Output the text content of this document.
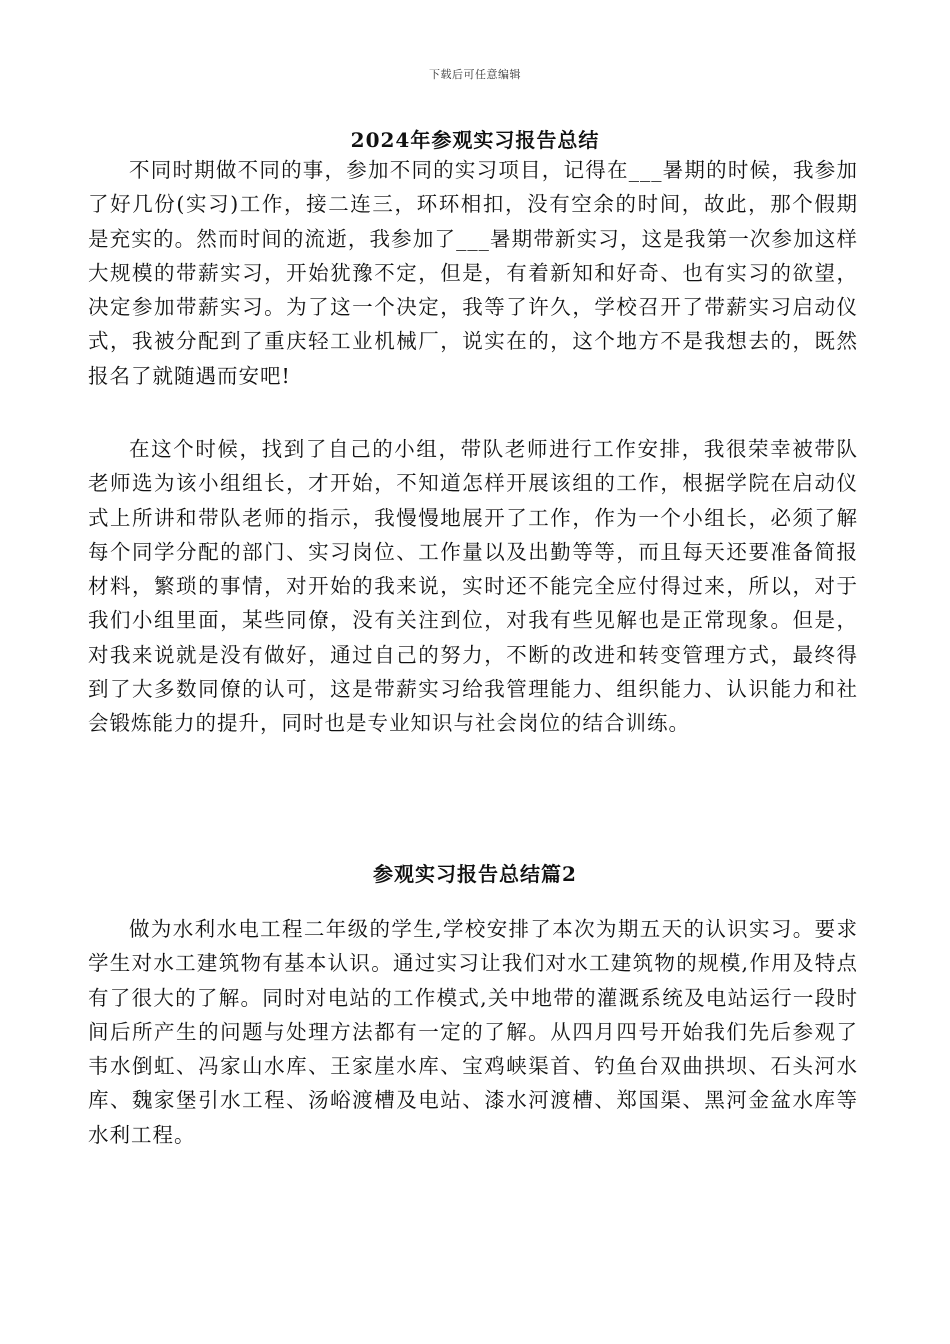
下载后可任意编辑
2024年参观实习报告总结

不同时期做不同的事，参加不同的实习项目，记得在___暑期的时候，我参加了好几份(实习)工作，接二连三，环环相扣，没有空余的时间，故此，那个假期是充实的。然而时间的流逝，我参加了___暑期带新实习，这是我第一次参加这样大规模的带薪实习，开始犹豫不定，但是，有着新知和好奇、也有实习的欲望，决定参加带薪实习。为了这一个决定，我等了许久，学校召开了带薪实习启动仪式，我被分配到了重庆轻工业机械厂，说实在的，这个地方不是我想去的，既然报名了就随遇而安吧!

在这个时候，找到了自己的小组，带队老师进行工作安排，我很荣幸被带队老师选为该小组组长，才开始，不知道怎样开展该组的工作，根据学院在启动仪式上所讲和带队老师的指示，我慢慢地展开了工作，作为一个小组长，必须了解每个同学分配的部门、实习岗位、工作量以及出勤等等，而且每天还要准备简报材料，繁琐的事情，对开始的我来说，实时还不能完全应付得过来，所以，对于我们小组里面，某些同僚，没有关注到位，对我有些见解也是正常现象。但是，对我来说就是没有做好，通过自己的努力，不断的改进和转变管理方式，最终得到了大多数同僚的认可，这是带薪实习给我管理能力、组织能力、认识能力和社会锻炼能力的提升，同时也是专业知识与社会岗位的结合训练。

参观实习报告总结篇2

做为水利水电工程二年级的学生,学校安排了本次为期五天的认识实习。要求学生对水工建筑物有基本认识。通过实习让我们对水工建筑物的规模,作用及特点有了很大的了解。同时对电站的工作模式,关中地带的灌溉系统及电站运行一段时间后所产生的问题与处理方法都有一定的了解。从四月四号开始我们先后参观了韦水倒虹、冯家山水库、王家崖水库、宝鸡峡渠首、钓鱼台双曲拱坝、石头河水库、魏家堡引水工程、汤峪渡槽及电站、漆水河渡槽、郑国渠、黑河金盆水库等水利工程。
